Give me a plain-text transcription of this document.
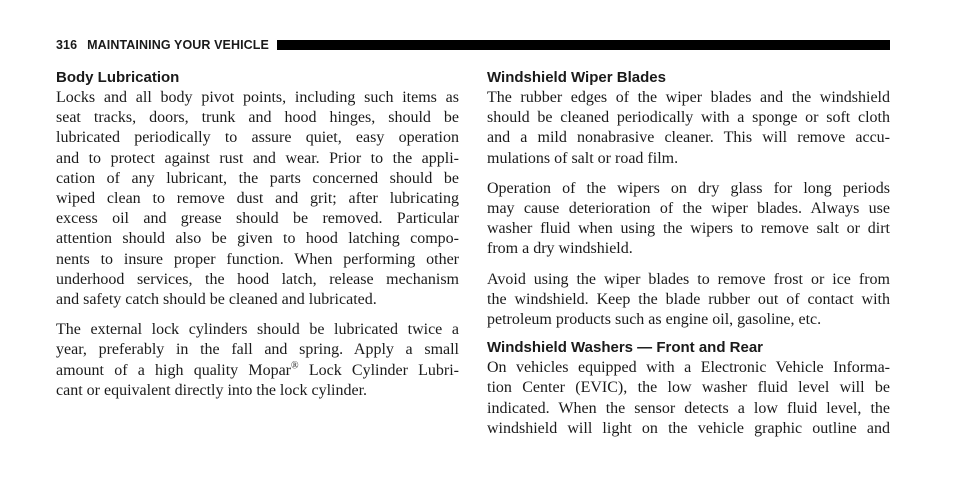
316 MAINTAINING YOUR VEHICLE
Body Lubrication

Locks and all body pivot points, including such items as
seat tracks, doors, trunk and hood hinges, should be
lubricated periodically to assure quiet, easy operation
and to protect against rust and wear. Prior to the appli-
cation of any lubricant, the parts concerned should be
wiped clean to remove dust and grit; after lubricating
excess oil and grease should be removed. Particular
attention should also be given to hood latching compo-
nents to insure proper function. When performing other
underhood services, the hood latch, release mechanism
and safety catch should be cleaned and lubricated.

The external lock cylinders should be lubricated twice a
year, preferably in the fall and spring. Apply a small
amount of a high quality Mopar® Lock Cylinder Lubri-
cant or equivalent directly into the lock cylinder.

Windshield Wiper Blades

The rubber edges of the wiper blades and the windshield
should be cleaned periodically with a sponge or soft cloth
and a mild nonabrasive cleaner. This will remove accu-
mulations of salt or road film.

Operation of the wipers on dry glass for long periods
may cause deterioration of the wiper blades. Always use
washer fluid when using the wipers to remove salt or dirt
from a dry windshield.

Avoid using the wiper blades to remove frost or ice from
the windshield. Keep the blade rubber out of contact with
petroleum products such as engine oil, gasoline, etc.

Windshield Washers — Front and Rear

On vehicles equipped with a Electronic Vehicle Informa-
tion Center (EVIC), the low washer fluid level will be
indicated. When the sensor detects a low fluid level, the
windshield will light on the vehicle graphic outline and
